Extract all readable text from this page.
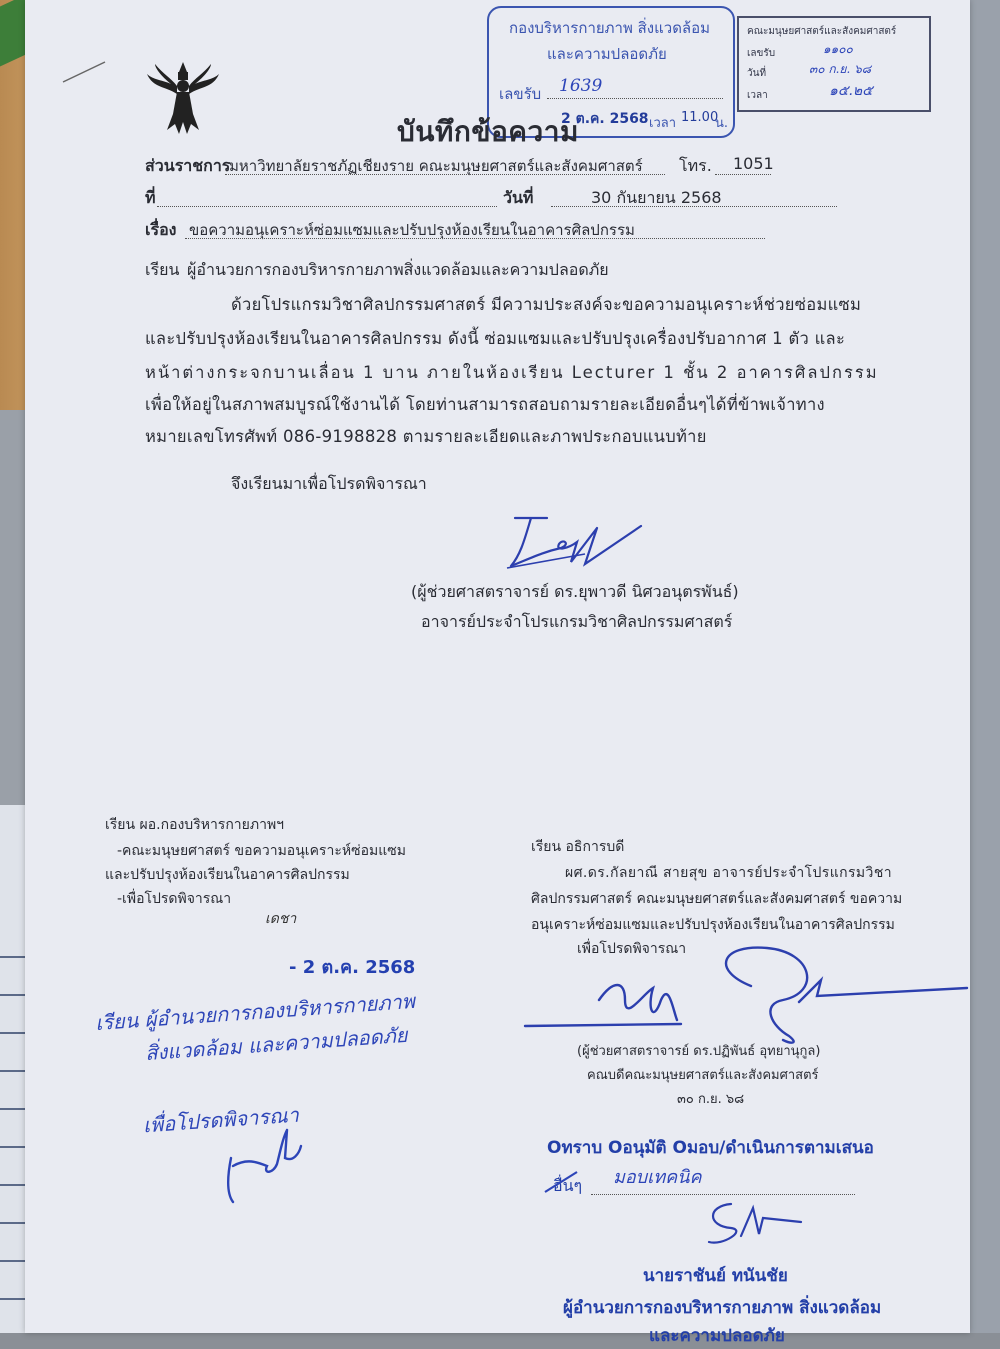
กองบริหารกายภาพ สิ่งแวดล้อม
และความปลอดภัย
เลขรับ 1639
2 ต.ค. 2568 เวลา 11.00
น.
คณะมนุษยศาสตร์และสังคมศาสตร์
เลขรับ	๑๑๐๐
วันที่	๓๐ ก.ย. ๖๘
เวลา	๑๕.๒๕
บันทึกข้อความ
ส่วนราชการ
มหาวิทยาลัยราชภัฏเชียงราย คณะมนุษยศาสตร์และสังคมศาสตร์ โทร. 1051
ที่	วันที่	30 กันยายน 2568
เรื่อง ขอความอนุเคราะห์ซ่อมแซมและปรับปรุงห้องเรียนในอาคารศิลปกรรม
เรียน ผู้อำนวยการกองบริหารกายภาพสิ่งแวดล้อมและความปลอดภัย
ด้วยโปรแกรมวิชาศิลปกรรมศาสตร์ มีความประสงค์จะขอความอนุเคราะห์ช่วยซ่อมแซม
และปรับปรุงห้องเรียนในอาคารศิลปกรรม ดังนี้ ซ่อมแซมและปรับปรุงเครื่องปรับอากาศ 1 ตัว และ
หน้าต่างกระจกบานเลื่อน 1 บาน ภายในห้องเรียน Lecturer 1 ชั้น 2 อาคารศิลปกรรม
เพื่อให้อยู่ในสภาพสมบูรณ์ใช้งานได้ โดยท่านสามารถสอบถามรายละเอียดอื่นๆได้ที่ข้าพเจ้าทาง
หมายเลขโทรศัพท์ 086-9198828 ตามรายละเอียดและภาพประกอบแนบท้าย
จึงเรียนมาเพื่อโปรดพิจารณา
(ผู้ช่วยศาสตราจารย์ ดร.ยุพาวดี นิศวอนุตรพันธ์)
อาจารย์ประจำโปรแกรมวิชาศิลปกรรมศาสตร์
เรียน ผอ.กองบริหารกายภาพฯ
-คณะมนุษยศาสตร์ ขอความอนุเคราะห์ซ่อมแซม
และปรับปรุงห้องเรียนในอาคารศิลปกรรม
-เพื่อโปรดพิจารณา
เดชา
- 2 ต.ค. 2568
เรียน ผู้อำนวยการกองบริหารกายภาพ
สิ่งแวดล้อม และความปลอดภัย
เพื่อโปรดพิจารณา
เรียน อธิการบดี
ผศ.ดร.กัลยาณี สายสุข อาจารย์ประจำโปรแกรมวิชา
ศิลปกรรมศาสตร์ คณะมนุษยศาสตร์และสังคมศาสตร์ ขอความ
อนุเคราะห์ซ่อมแซมและปรับปรุงห้องเรียนในอาคารศิลปกรรม
เพื่อโปรดพิจารณา
(ผู้ช่วยศาสตราจารย์ ดร.ปฏิพันธ์ อุทยานุกูล)
คณบดีคณะมนุษยศาสตร์และสังคมศาสตร์
๓๐ ก.ย. ๖๘
Oทราบ Oอนุมัติ Oมอบ/ดำเนินการตามเสนอ
อื่นๆ มอบเทคนิค
นายราชันย์ ทนันชัย
ผู้อำนวยการกองบริหารกายภาพ สิ่งแวดล้อม
และความปลอดภัย
